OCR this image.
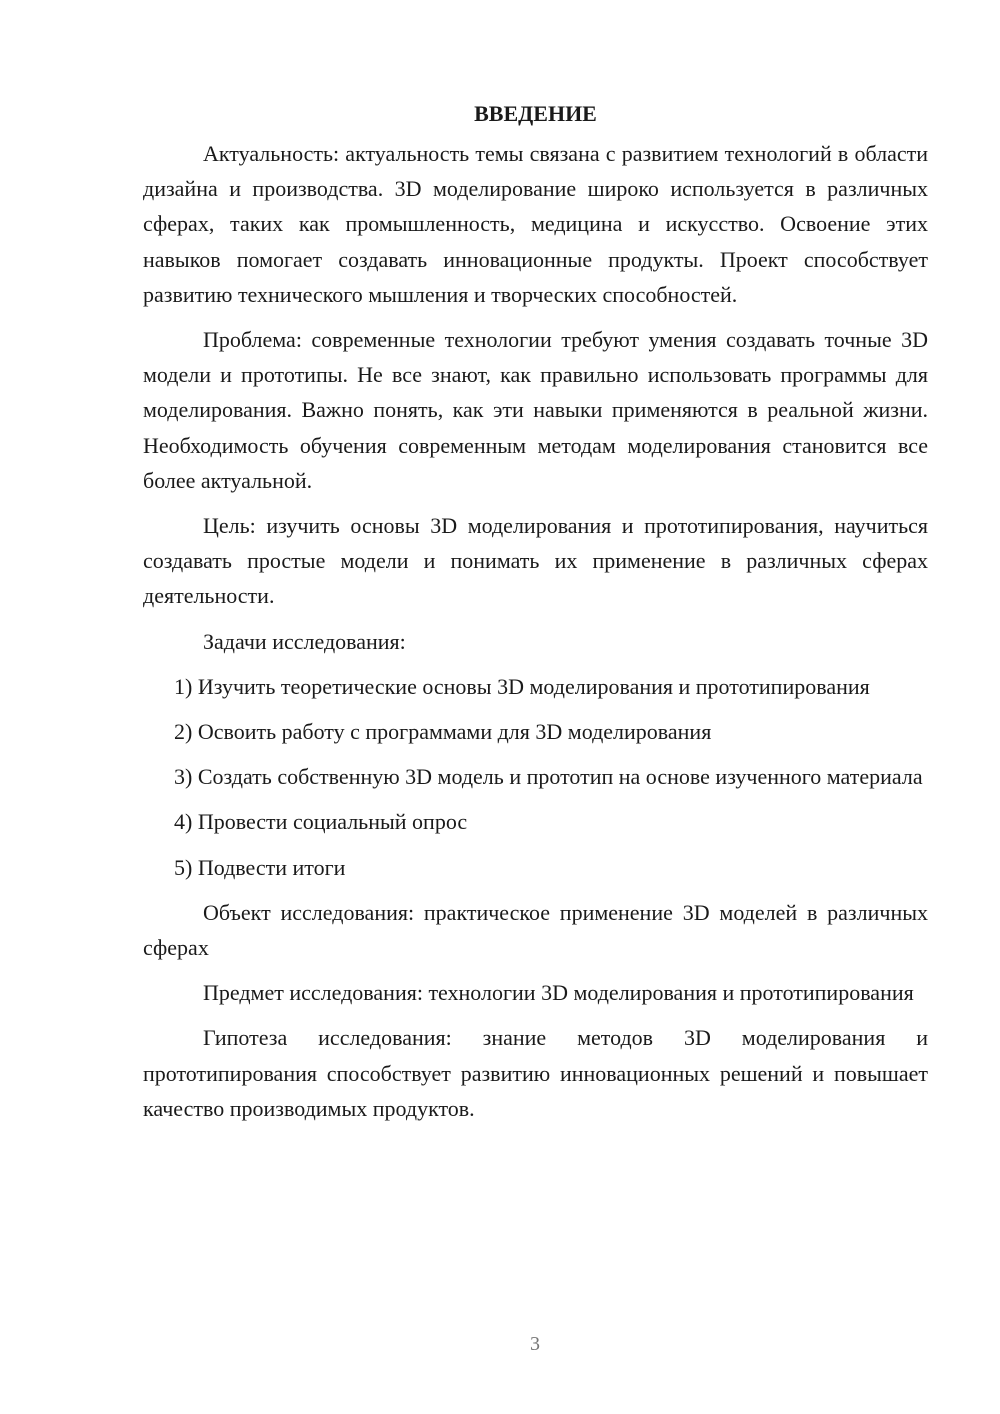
ВВЕДЕНИЕ

Актуальность: актуальность темы связана с развитием технологий в области дизайна и производства. 3D моделирование широко используется в различных сферах, таких как промышленность, медицина и искусство. Освоение этих навыков помогает создавать инновационные продукты. Проект способствует развитию технического мышления и творческих способностей.

Проблема: современные технологии требуют умения создавать точные 3D модели и прототипы. Не все знают, как правильно использовать программы для моделирования. Важно понять, как эти навыки применяются в реальной жизни. Необходимость обучения современным методам моделирования становится все более актуальной.

Цель: изучить основы 3D моделирования и прототипирования, научиться создавать простые модели и понимать их применение в различных сферах деятельности.

Задачи исследования:

1) Изучить теоретические основы 3D моделирования и прототипирования

2) Освоить работу с программами для 3D моделирования

3) Создать собственную 3D модель и прототип на основе изученного материала

4) Провести социальный опрос

5) Подвести итоги

Объект исследования: практическое применение 3D моделей в различных сферах

Предмет исследования: технологии 3D моделирования и прототипирования

Гипотеза исследования: знание методов 3D моделирования и прототипирования способствует развитию инновационных решений и повышает качество производимых продуктов.

3
